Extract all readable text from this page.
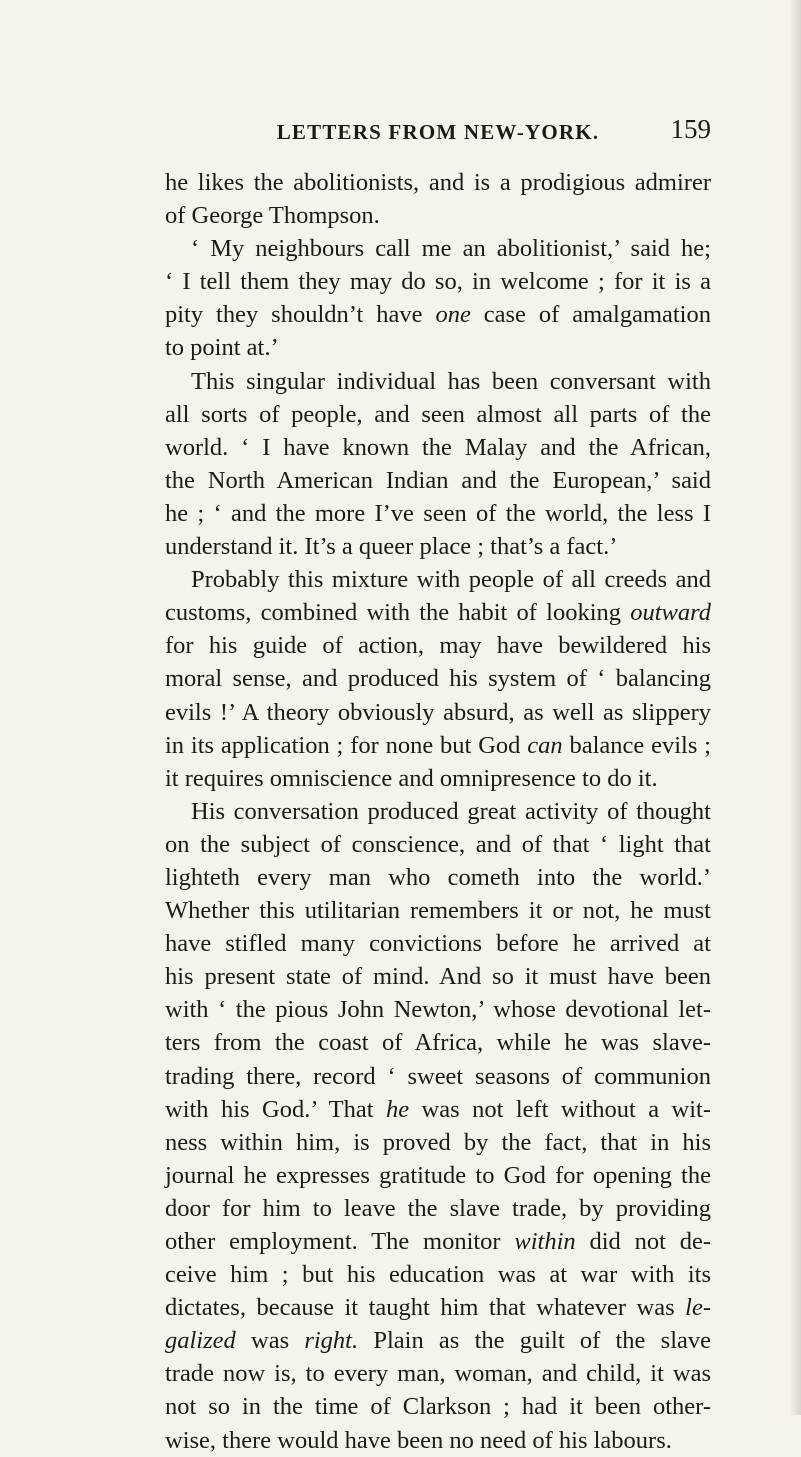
LETTERS FROM NEW-YORK.	159
he likes the abolitionists, and is a prodigious admirer
of George Thompson.
‘ My neighbours call me an abolitionist,’ said he;
‘ I tell them they may do so, in welcome ; for it is a
pity they shouldn’t have one case of amalgamation
to point at.’
This singular individual has been conversant with
all sorts of people, and seen almost all parts of the
world. ‘ I have known the Malay and the African,
the North American Indian and the European,’ said
he ; ‘ and the more I’ve seen of the world, the less I
understand it. It’s a queer place ; that’s a fact.’
Probably this mixture with people of all creeds and
customs, combined with the habit of looking outward
for his guide of action, may have bewildered his
moral sense, and produced his system of ‘ balancing
evils !’ A theory obviously absurd, as well as slippery
in its application ; for none but God can balance evils ;
it requires omniscience and omnipresence to do it.
His conversation produced great activity of thought
on the subject of conscience, and of that ‘ light that
lighteth every man who cometh into the world.’
Whether this utilitarian remembers it or not, he must
have stifled many convictions before he arrived at
his present state of mind. And so it must have been
with ‘ the pious John Newton,’ whose devotional let-
ters from the coast of Africa, while he was slave-
trading there, record ‘ sweet seasons of communion
with his God.’ That he was not left without a wit-
ness within him, is proved by the fact, that in his
journal he expresses gratitude to God for opening the
door for him to leave the slave trade, by providing
other employment. The monitor within did not de-
ceive him ; but his education was at war with its
dictates, because it taught him that whatever was le-
galized was right. Plain as the guilt of the slave
trade now is, to every man, woman, and child, it was
not so in the time of Clarkson ; had it been other-
wise, there would have been no need of his labours.
